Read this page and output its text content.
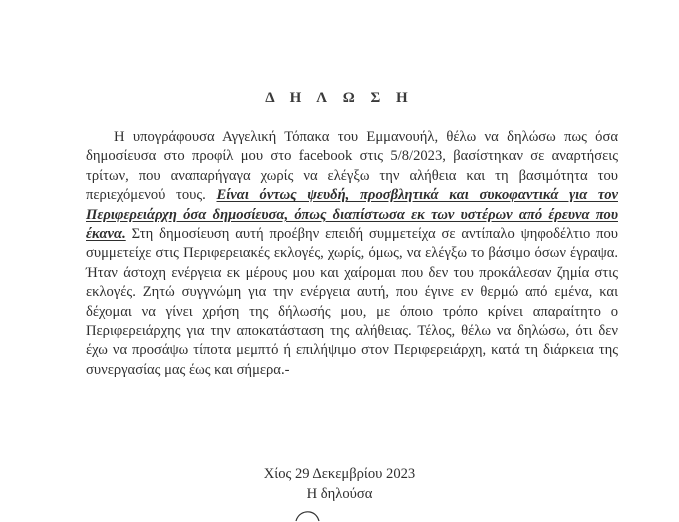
Δ Η Λ Ω Σ Η

Η υπογράφουσα Αγγελική Τόπακα του Εμμανουήλ, θέλω να δηλώσω πως όσα δημοσίευσα στο προφίλ μου στο facebook στις 5/8/2023, βασίστηκαν σε αναρτήσεις τρίτων, που αναπαρήγαγα χωρίς να ελέγξω την αλήθεια και τη βασιμότητα του περιεχόμενού τους. Είναι όντως ψευδή, προσβλητικά και συκοφαντικά για τον Περιφερειάρχη όσα δημοσίευσα, όπως διαπίστωσα εκ των υστέρων από έρευνα που έκανα. Στη δημοσίευση αυτή προέβην επειδή συμμετείχα σε αντίπαλο ψηφοδέλτιο που συμμετείχε στις Περιφερειακές εκλογές, χωρίς, όμως, να ελέγξω το βάσιμο όσων έγραψα. Ήταν άστοχη ενέργεια εκ μέρους μου και χαίρομαι που δεν του προκάλεσαν ζημία στις εκλογές. Ζητώ συγγνώμη για την ενέργεια αυτή, που έγινε εν θερμώ από εμένα, και δέχομαι να γίνει χρήση της δήλωσής μου, με όποιο τρόπο κρίνει απαραίτητο ο Περιφερειάρχης για την αποκατάσταση της αλήθειας. Τέλος, θέλω να δηλώσω, ότι δεν έχω να προσάψω τίποτα μεμπτό ή επιλήψιμο στον Περιφερειάρχη, κατά τη διάρκεια της συνεργασίας μας έως και σήμερα.-

Χίος 29 Δεκεμβρίου 2023
Η δηλούσα
